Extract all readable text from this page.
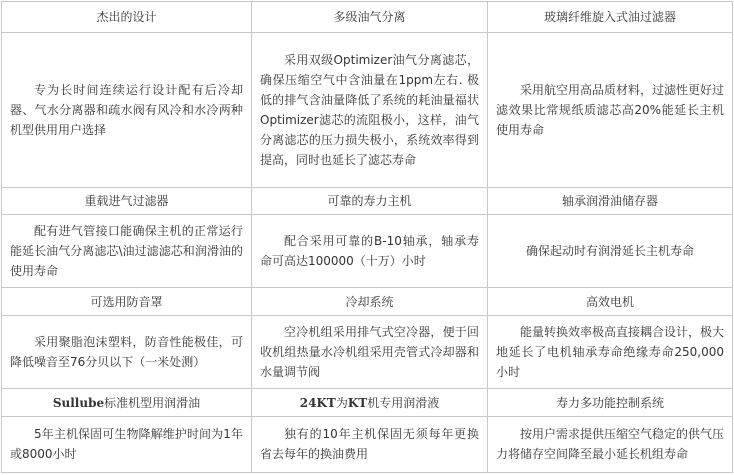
杰出的设计	多级油气分离	玻璃纤维旋入式油过滤器

专为长时间连续运行设计配有后冷却器、气水分离器和疏水阀有风冷和水冷两种机型供用用户选择	采用双级Optimizer油气分离滤芯，确保压缩空气中含油量在1ppm左右. 极低的排气含油量降低了系统的耗油量福状Optimizer滤芯的流阻极小，这样，油气分离滤芯的压力损失极小，系统效率得到提高，同时也延长了滤芯寿命	采用航空用高品质材料，过滤性更好过滤效果比常规纸质滤芯高20%能延长主机使用寿命

重载进气过滤器	可靠的寿力主机	轴承润滑油储存器

配有进气管接口能确保主机的正常运行能延长油气分离滤芯\油过滤滤芯和润滑油的使用寿命	配合采用可靠的B-10轴承，轴承寿命可高达100000（十万）小时	确保起动时有润滑延长主机寿命
可选用防音罩	冷却系统	高效电机

采用聚脂泡沫塑料，防音性能极佳，可降低噪音至76分贝以下（一米处测）	空冷机组采用排气式空冷器，便于回收机组热量水冷机组采用壳管式冷却器和水量调节阀	能量转换效率极高直接耦合设计，极大地延长了电机轴承寿命绝缘寿命250,000小时

Sullube标准机型用润滑油	24KT为KT机专用润滑液	寿力多功能控制系统

5年主机保固可生物降解维护时间为1年或8000小时	独有的10年主机保固无须每年更换省去每年的换油费用	按用户需求提供压缩空气稳定的供气压力将储存空间降至最小延长机组寿命
